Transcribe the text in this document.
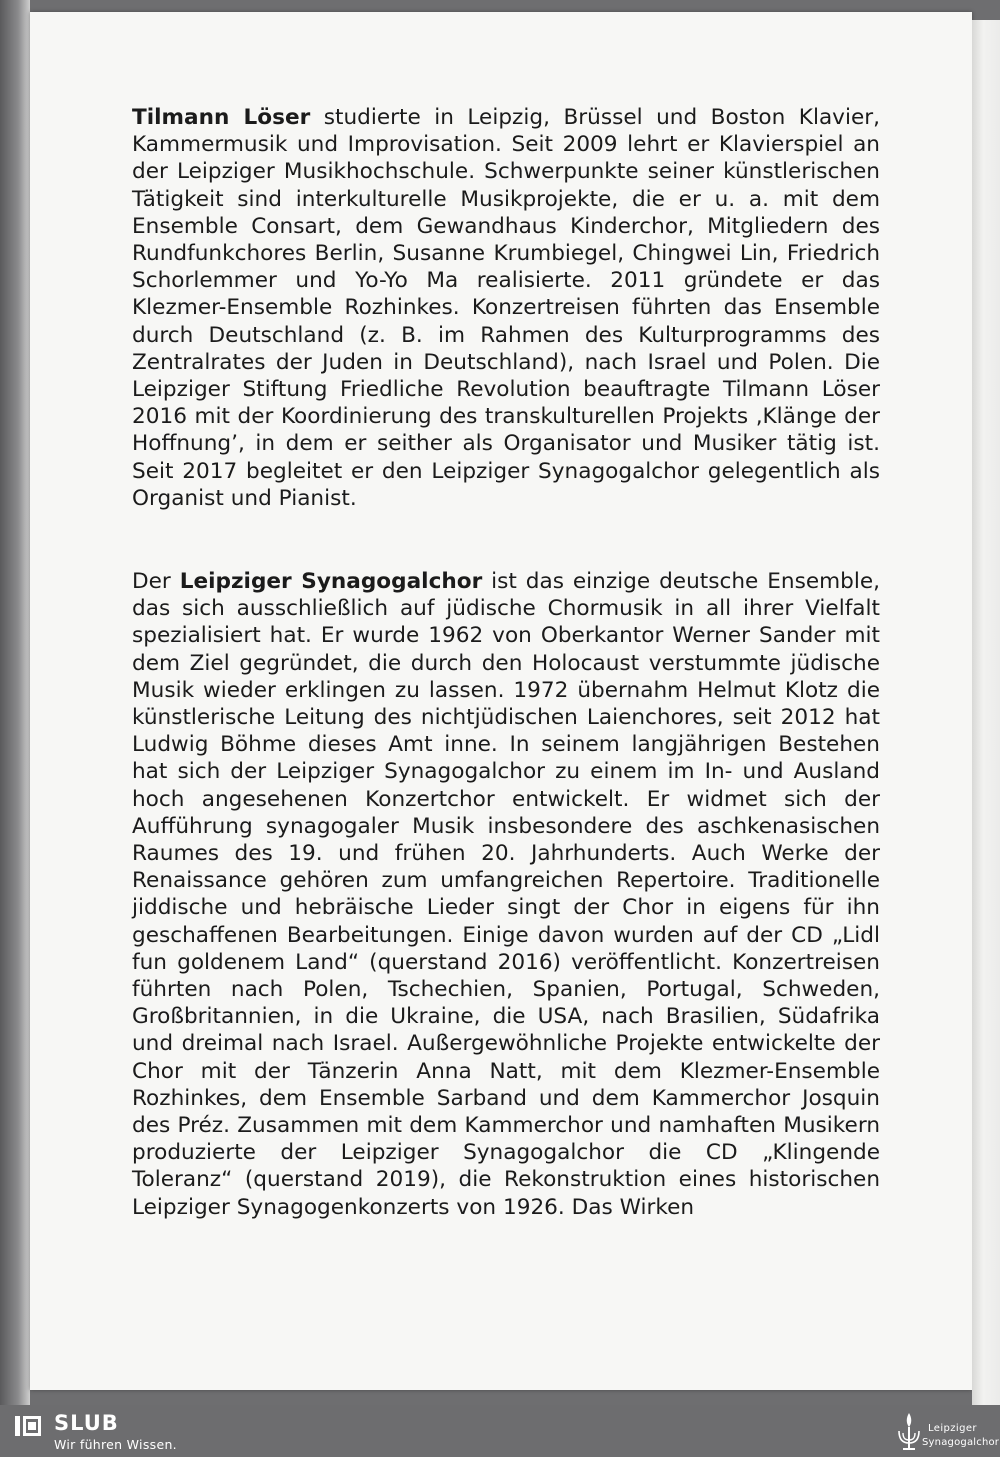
Tilmann Löser studierte in Leipzig, Brüssel und Boston Klavier, Kammermusik und Improvisation. Seit 2009 lehrt er Klavierspiel an der Leipziger Musikhochschule. Schwerpunkte seiner künstlerischen Tätigkeit sind interkulturelle Musikprojekte, die er u. a. mit dem Ensemble Consart, dem Gewandhaus Kinderchor, Mitgliedern des Rundfunkchores Berlin, Susanne Krumbiegel, Chingwei Lin, Friedrich Schorlemmer und Yo-Yo Ma realisierte. 2011 gründete er das Klezmer-Ensemble Rozhinkes. Konzertreisen führten das Ensemble durch Deutschland (z. B. im Rahmen des Kulturprogramms des Zentralrates der Juden in Deutschland), nach Israel und Polen. Die Leipziger Stiftung Friedliche Revolution beauftragte Tilmann Löser 2016 mit der Koordinierung des transkulturellen Projekts ‚Klänge der Hoffnung’, in dem er seither als Organisator und Musiker tätig ist. Seit 2017 begleitet er den Leipziger Synagogalchor gelegentlich als Organist und Pianist.

Der Leipziger Synagogalchor ist das einzige deutsche Ensemble, das sich ausschließlich auf jüdische Chormusik in all ihrer Vielfalt spezialisiert hat. Er wurde 1962 von Oberkantor Werner Sander mit dem Ziel gegründet, die durch den Holocaust verstummte jüdische Musik wieder erklingen zu lassen. 1972 übernahm Helmut Klotz die künstlerische Leitung des nichtjüdischen Laienchores, seit 2012 hat Ludwig Böhme dieses Amt inne. In seinem langjährigen Bestehen hat sich der Leipziger Synagogalchor zu einem im In- und Ausland hoch angesehenen Konzertchor entwickelt. Er widmet sich der Aufführung synagogaler Musik insbesondere des aschkenasischen Raumes des 19. und frühen 20. Jahrhunderts. Auch Werke der Renaissance gehören zum umfangreichen Repertoire. Traditionelle jiddische und hebräische Lieder singt der Chor in eigens für ihn geschaffenen Bearbeitungen. Einige davon wurden auf der CD „Lidl fun goldenem Land“ (querstand 2016) veröffentlicht. Konzertreisen führten nach Polen, Tschechien, Spanien, Portugal, Schweden, Großbritannien, in die Ukraine, die USA, nach Brasilien, Südafrika und dreimal nach Israel. Außergewöhnliche Projekte entwickelte der Chor mit der Tänzerin Anna Natt, mit dem Klezmer-Ensemble Rozhinkes, dem Ensemble Sarband und dem Kammerchor Josquin des Préz. Zusammen mit dem Kammerchor und namhaften Musikern produzierte der Leipziger Synagogalchor die CD „Klingende Toleranz“ (querstand 2019), die Rekonstruktion eines historischen Leipziger Synagogenkonzerts von 1926. Das Wirken

SLUB
Wir führen Wissen.
Leipziger
Synagogalchor
